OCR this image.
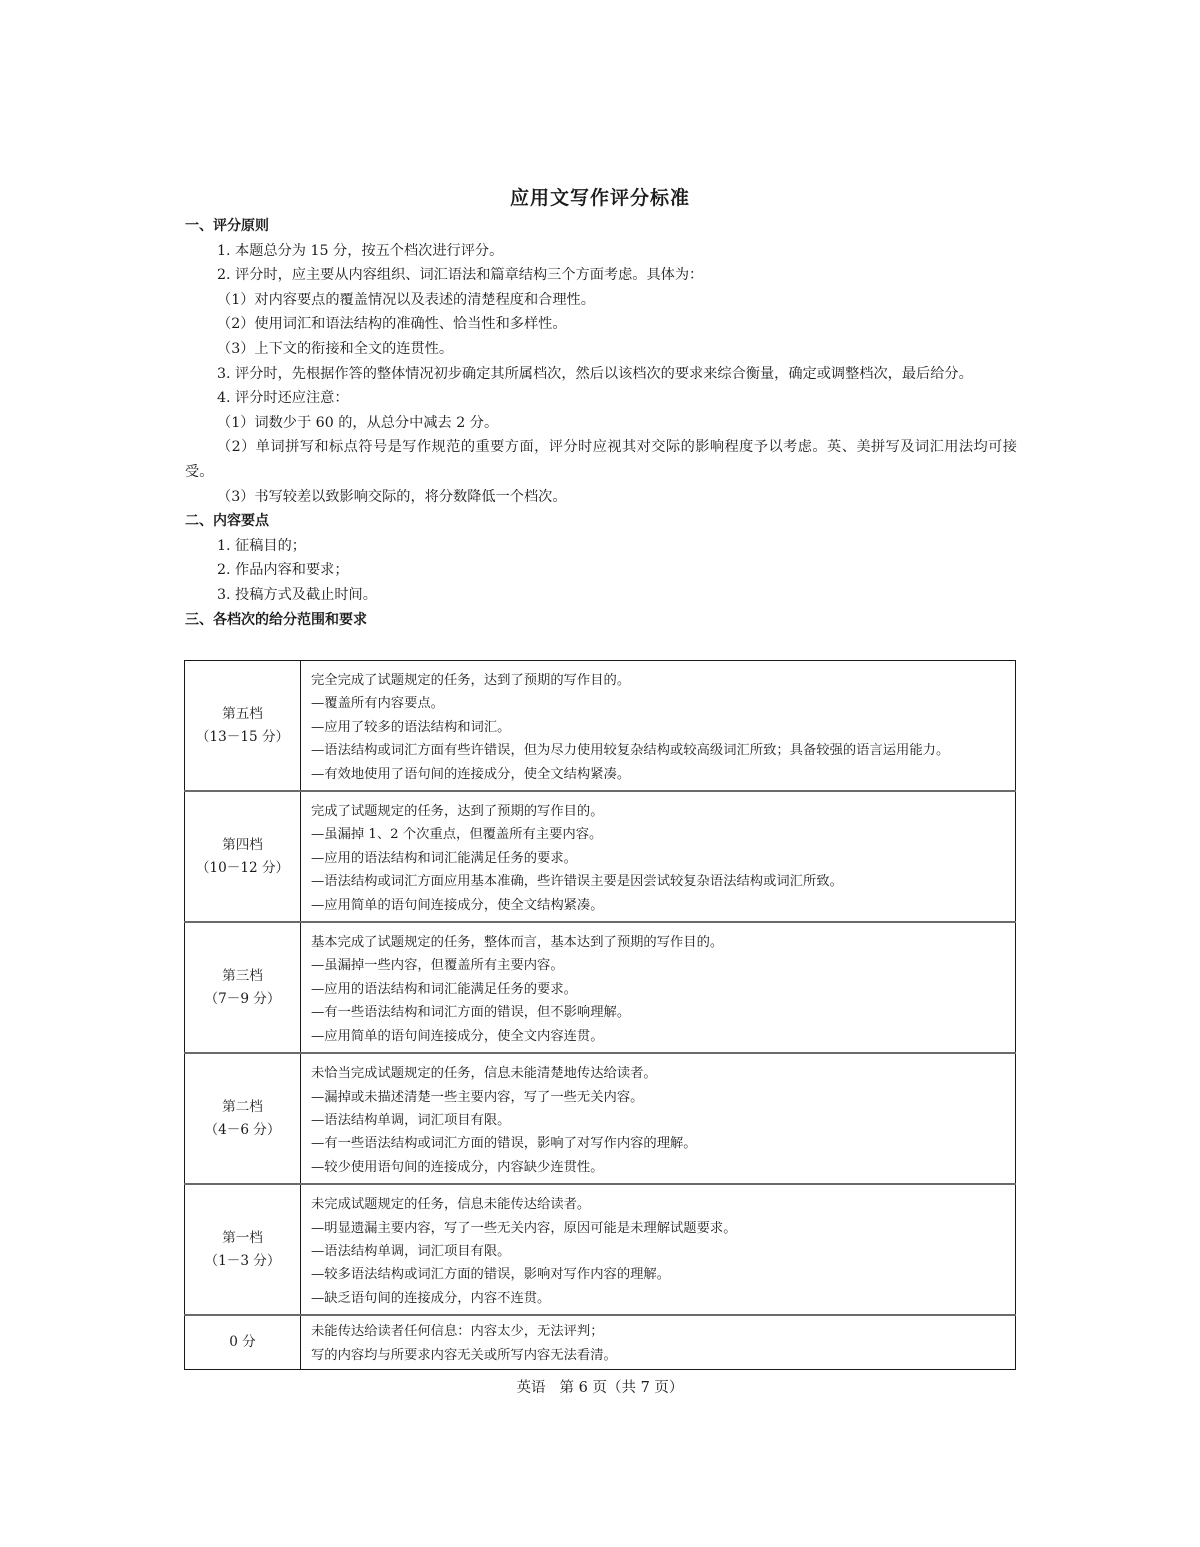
应用文写作评分标准
一、评分原则

1. 本题总分为 15 分，按五个档次进行评分。

2. 评分时，应主要从内容组织、词汇语法和篇章结构三个方面考虑。具体为：

（1）对内容要点的覆盖情况以及表述的清楚程度和合理性。

（2）使用词汇和语法结构的准确性、恰当性和多样性。

（3）上下文的衔接和全文的连贯性。

3. 评分时，先根据作答的整体情况初步确定其所属档次，然后以该档次的要求来综合衡量，确定或调整档次，最后给分。

4. 评分时还应注意：

（1）词数少于 60 的，从总分中减去 2 分。

（2）单词拼写和标点符号是写作规范的重要方面，评分时应视其对交际的影响程度予以考虑。英、美拼写及词汇用法均可接受。

（3）书写较差以致影响交际的，将分数降低一个档次。

二、内容要点

1. 征稿目的；

2. 作品内容和要求；

3. 投稿方式及截止时间。

三、各档次的给分范围和要求
第五档
（13－15 分）	完全完成了试题规定的任务，达到了预期的写作目的。
—覆盖所有内容要点。
—应用了较多的语法结构和词汇。
—语法结构或词汇方面有些许错误，但为尽力使用较复杂结构或较高级词汇所致；具备较强的语言运用能力。
—有效地使用了语句间的连接成分，使全文结构紧凑。

第四档
（10－12 分）	完成了试题规定的任务，达到了预期的写作目的。
—虽漏掉 1、2 个次重点，但覆盖所有主要内容。
—应用的语法结构和词汇能满足任务的要求。
—语法结构或词汇方面应用基本准确，些许错误主要是因尝试较复杂语法结构或词汇所致。
—应用简单的语句间连接成分，使全文结构紧凑。

第三档
（7－9 分）	基本完成了试题规定的任务，整体而言，基本达到了预期的写作目的。
—虽漏掉一些内容，但覆盖所有主要内容。
—应用的语法结构和词汇能满足任务的要求。
—有一些语法结构和词汇方面的错误，但不影响理解。
—应用简单的语句间连接成分，使全文内容连贯。

第二档
（4－6 分）	未恰当完成试题规定的任务，信息未能清楚地传达给读者。
—漏掉或未描述清楚一些主要内容，写了一些无关内容。
—语法结构单调，词汇项目有限。
—有一些语法结构或词汇方面的错误，影响了对写作内容的理解。
—较少使用语句间的连接成分，内容缺少连贯性。

第一档
（1－3 分）	未完成试题规定的任务，信息未能传达给读者。
—明显遗漏主要内容，写了一些无关内容，原因可能是未理解试题要求。
—语法结构单调，词汇项目有限。
—较多语法结构或词汇方面的错误，影响对写作内容的理解。
—缺乏语句间的连接成分，内容不连贯。

0 分	未能传达给读者任何信息：内容太少，无法评判；
写的内容均与所要求内容无关或所写内容无法看清。
英语 第 6 页（共 7 页）
